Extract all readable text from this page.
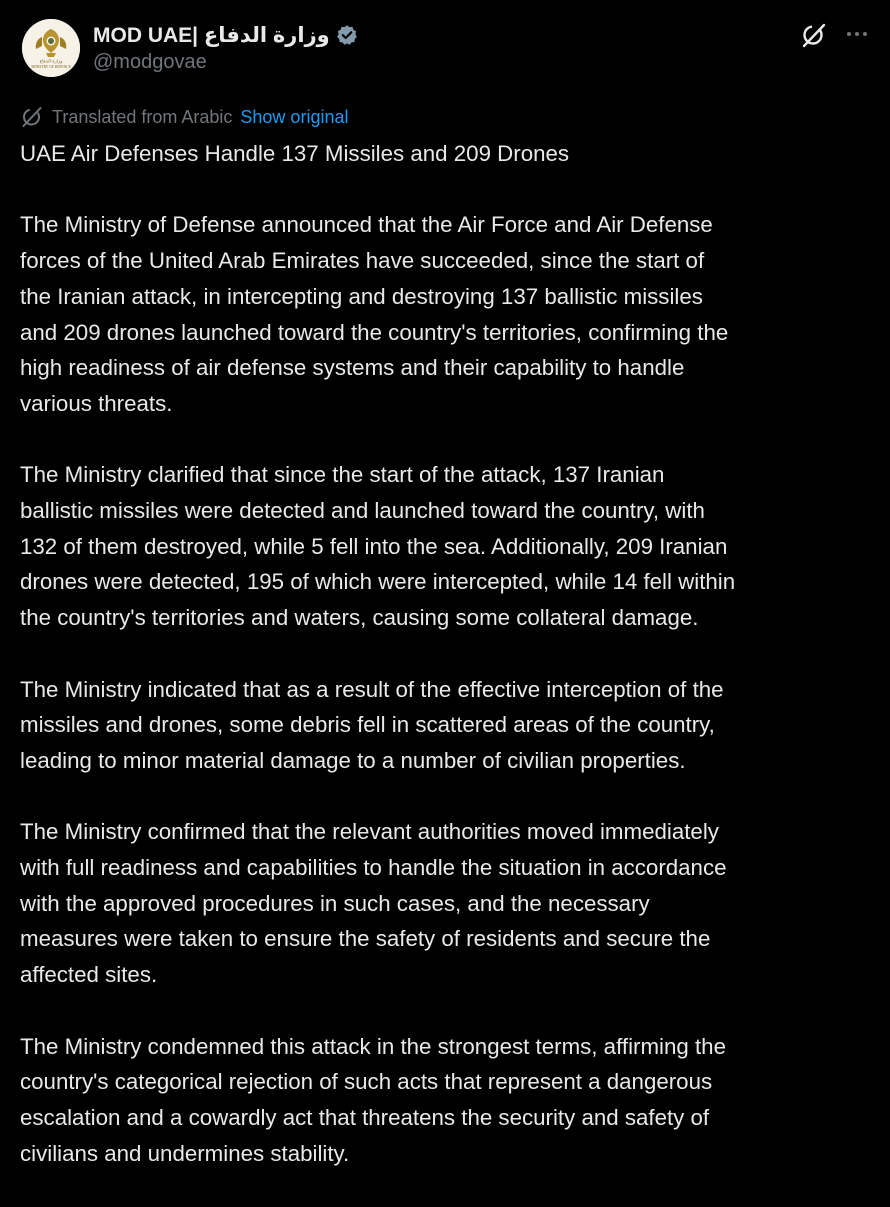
وزارة الدفاع
MINISTRY OF DEFENCE
وزارة الدفاع |MOD UAE
@modgovae
Translated from Arabic Show original

UAE Air Defenses Handle 137 Missiles and 209 Drones

The Ministry of Defense announced that the Air Force and Air Defense
forces of the United Arab Emirates have succeeded, since the start of
the Iranian attack, in intercepting and destroying 137 ballistic missiles
and 209 drones launched toward the country's territories, confirming the
high readiness of air defense systems and their capability to handle
various threats.

The Ministry clarified that since the start of the attack, 137 Iranian
ballistic missiles were detected and launched toward the country, with
132 of them destroyed, while 5 fell into the sea. Additionally, 209 Iranian
drones were detected, 195 of which were intercepted, while 14 fell within
the country's territories and waters, causing some collateral damage.

The Ministry indicated that as a result of the effective interception of the
missiles and drones, some debris fell in scattered areas of the country,
leading to minor material damage to a number of civilian properties.

The Ministry confirmed that the relevant authorities moved immediately
with full readiness and capabilities to handle the situation in accordance
with the approved procedures in such cases, and the necessary
measures were taken to ensure the safety of residents and secure the
affected sites.

The Ministry condemned this attack in the strongest terms, affirming the
country's categorical rejection of such acts that represent a dangerous
escalation and a cowardly act that threatens the security and safety of
civilians and undermines stability.
